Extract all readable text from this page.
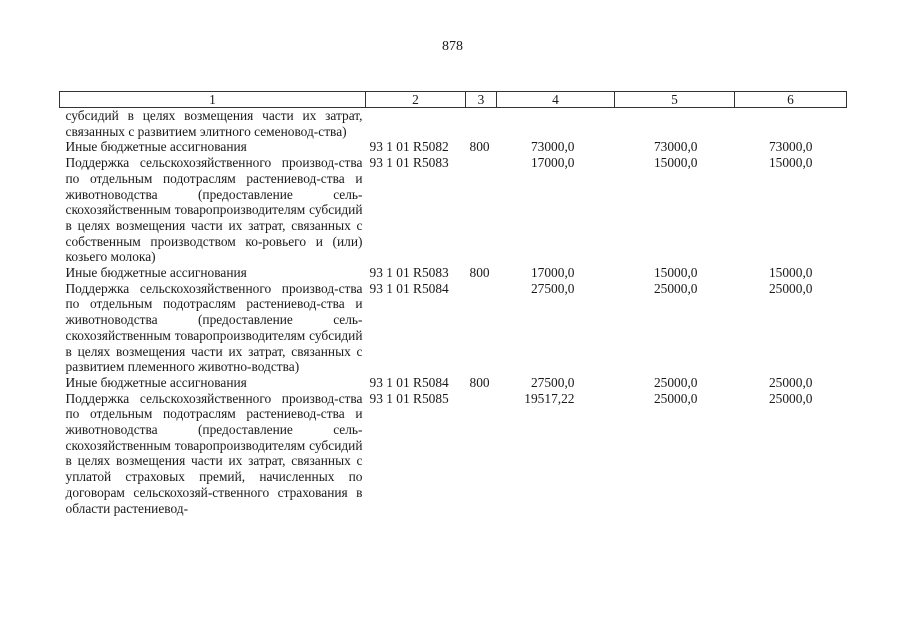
878
1	2	3	4	5	6
субсидий в целях возмещения части их затрат, связанных с развитием элитного семеновод-ства)					
Иные бюджетные ассигнования	93 1 01 R5082	800	73000,0	73000,0	73000,0
Поддержка сельскохозяйственного производ-ства по отдельным подотраслям растениевод-ства и животноводства (предоставление сель-скохозяйственным товаропроизводителям субсидий в целях возмещения части их затрат, связанных с собственным производством ко-ровьего и (или) козьего молока)	93 1 01 R5083		17000,0	15000,0	15000,0
Иные бюджетные ассигнования	93 1 01 R5083	800	17000,0	15000,0	15000,0
Поддержка сельскохозяйственного производ-ства по отдельным подотраслям растениевод-ства и животноводства (предоставление сель-скохозяйственным товаропроизводителям субсидий в целях возмещения части их затрат, связанных с развитием племенного животно-водства)	93 1 01 R5084		27500,0	25000,0	25000,0
Иные бюджетные ассигнования	93 1 01 R5084	800	27500,0	25000,0	25000,0
Поддержка сельскохозяйственного производ-ства по отдельным подотраслям растениевод-ства и животноводства (предоставление сель-скохозяйственным товаропроизводителям субсидий в целях возмещения части их затрат, связанных с уплатой страховых премий, начисленных по договорам сельскохозяй-ственного страхования в области растениевод-	93 1 01 R5085		19517,22	25000,0	25000,0
